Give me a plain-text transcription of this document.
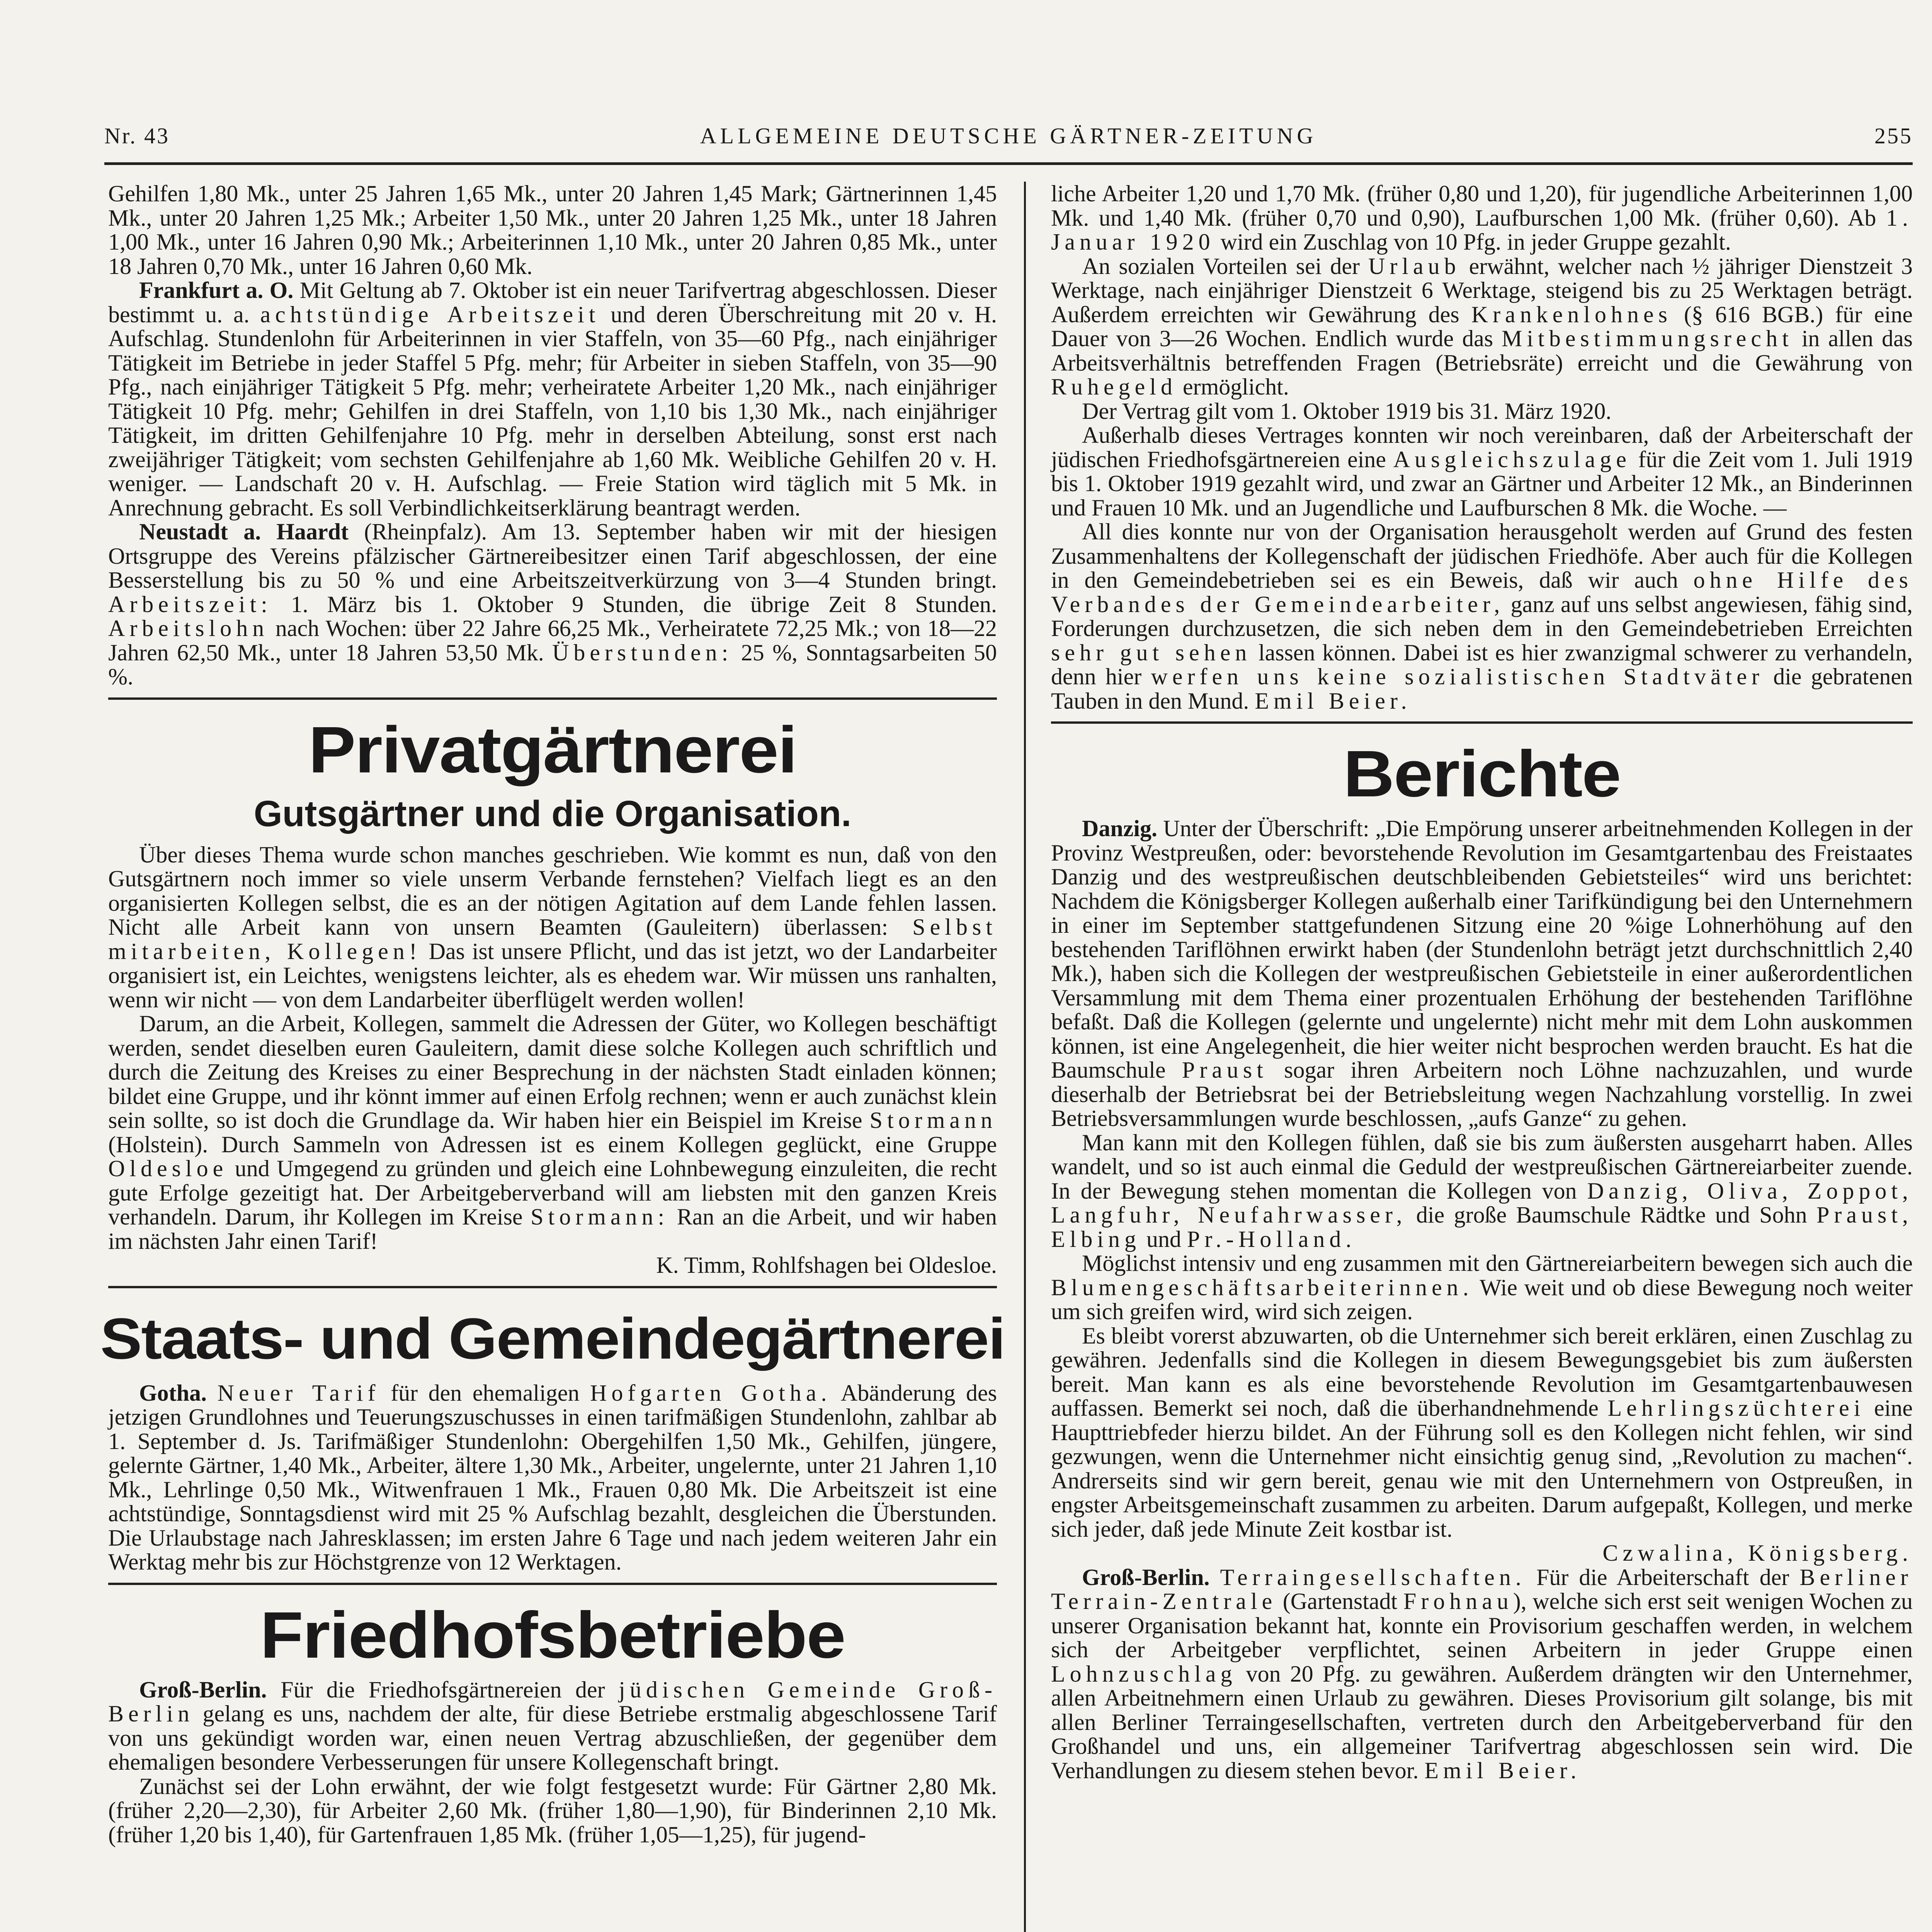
Nr. 43	ALLGEMEINE DEUTSCHE GÄRTNER-ZEITUNG	255

Gehilfen 1,80 Mk., unter 25 Jahren 1,65 Mk., unter 20 Jahren 1,45 Mark; Gärtnerinnen 1,45 Mk., unter 20 Jahren 1,25 Mk.; Arbeiter 1,50 Mk., unter 20 Jahren 1,25 Mk., unter 18 Jahren 1,00 Mk., unter 16 Jahren 0,90 Mk.; Arbeiterinnen 1,10 Mk., unter 20 Jahren 0,85 Mk., unter 18 Jahren 0,70 Mk., unter 16 Jahren 0,60 Mk.

Frankfurt a. O. Mit Geltung ab 7. Oktober ist ein neuer Tarifvertrag abgeschlossen. Dieser bestimmt u. a. achtstündige Arbeitszeit und deren Überschreitung mit 20 v. H. Aufschlag. Stundenlohn für Arbeiterinnen in vier Staffeln, von 35—60 Pfg., nach einjähriger Tätigkeit im Betriebe in jeder Staffel 5 Pfg. mehr; für Arbeiter in sieben Staffeln, von 35—90 Pfg., nach einjähriger Tätigkeit 5 Pfg. mehr; verheiratete Arbeiter 1,20 Mk., nach einjähriger Tätigkeit 10 Pfg. mehr; Gehilfen in drei Staffeln, von 1,10 bis 1,30 Mk., nach einjähriger Tätigkeit, im dritten Gehilfenjahre 10 Pfg. mehr in derselben Abteilung, sonst erst nach zweijähriger Tätigkeit; vom sechsten Gehilfenjahre ab 1,60 Mk. Weibliche Gehilfen 20 v. H. weniger. — Landschaft 20 v. H. Aufschlag. — Freie Station wird täglich mit 5 Mk. in Anrechnung gebracht. Es soll Verbindlichkeitserklärung beantragt werden.

Neustadt a. Haardt (Rheinpfalz). Am 13. September haben wir mit der hiesigen Ortsgruppe des Vereins pfälzischer Gärtnereibesitzer einen Tarif abgeschlossen, der eine Besserstellung bis zu 50 % und eine Arbeitszeitverkürzung von 3—4 Stunden bringt. Arbeitszeit: 1. März bis 1. Oktober 9 Stunden, die übrige Zeit 8 Stunden. Arbeitslohn nach Wochen: über 22 Jahre 66,25 Mk., Verheiratete 72,25 Mk.; von 18—22 Jahren 62,50 Mk., unter 18 Jahren 53,50 Mk. Überstunden: 25 %, Sonntagsarbeiten 50 %.

Privatgärtnerei
Gutsgärtner und die Organisation.

Über dieses Thema wurde schon manches geschrieben. Wie kommt es nun, daß von den Gutsgärtnern noch immer so viele unserm Verbande fernstehen? Vielfach liegt es an den organisierten Kollegen selbst, die es an der nötigen Agitation auf dem Lande fehlen lassen. Nicht alle Arbeit kann von unsern Beamten (Gauleitern) überlassen: Selbst mitarbeiten, Kollegen! Das ist unsere Pflicht, und das ist jetzt, wo der Landarbeiter organisiert ist, ein Leichtes, wenigstens leichter, als es ehedem war. Wir müssen uns ranhalten, wenn wir nicht — von dem Landarbeiter überflügelt werden wollen!

Darum, an die Arbeit, Kollegen, sammelt die Adressen der Güter, wo Kollegen beschäftigt werden, sendet dieselben euren Gauleitern, damit diese solche Kollegen auch schriftlich und durch die Zeitung des Kreises zu einer Besprechung in der nächsten Stadt einladen können; bildet eine Gruppe, und ihr könnt immer auf einen Erfolg rechnen; wenn er auch zunächst klein sein sollte, so ist doch die Grundlage da. Wir haben hier ein Beispiel im Kreise Stormann (Holstein). Durch Sammeln von Adressen ist es einem Kollegen geglückt, eine Gruppe Oldesloe und Umgegend zu gründen und gleich eine Lohnbewegung einzuleiten, die recht gute Erfolge gezeitigt hat. Der Arbeitgeberverband will am liebsten mit den ganzen Kreis verhandeln. Darum, ihr Kollegen im Kreise Stormann: Ran an die Arbeit, und wir haben im nächsten Jahr einen Tarif!

K. Timm, Rohlfshagen bei Oldesloe.

Staats- und Gemeindegärtnerei

Gotha. Neuer Tarif für den ehemaligen Hofgarten Gotha. Abänderung des jetzigen Grundlohnes und Teuerungszuschusses in einen tarifmäßigen Stundenlohn, zahlbar ab 1. September d. Js. Tarifmäßiger Stundenlohn: Obergehilfen 1,50 Mk., Gehilfen, jüngere, gelernte Gärtner, 1,40 Mk., Arbeiter, ältere 1,30 Mk., Arbeiter, ungelernte, unter 21 Jahren 1,10 Mk., Lehrlinge 0,50 Mk., Witwenfrauen 1 Mk., Frauen 0,80 Mk. Die Arbeitszeit ist eine achtstündige, Sonntagsdienst wird mit 25 % Aufschlag bezahlt, desgleichen die Überstunden. Die Urlaubstage nach Jahresklassen; im ersten Jahre 6 Tage und nach jedem weiteren Jahr ein Werktag mehr bis zur Höchstgrenze von 12 Werktagen.

Friedhofsbetriebe

Groß-Berlin. Für die Friedhofsgärtnereien der jüdischen Gemeinde Groß-Berlin gelang es uns, nachdem der alte, für diese Betriebe erstmalig abgeschlossene Tarif von uns gekündigt worden war, einen neuen Vertrag abzuschließen, der gegenüber dem ehemaligen besondere Verbesserungen für unsere Kollegenschaft bringt.

Zunächst sei der Lohn erwähnt, der wie folgt festgesetzt wurde: Für Gärtner 2,80 Mk. (früher 2,20—2,30), für Arbeiter 2,60 Mk. (früher 1,80—1,90), für Binderinnen 2,10 Mk. (früher 1,20 bis 1,40), für Gartenfrauen 1,85 Mk. (früher 1,05—1,25), für jugend-

liche Arbeiter 1,20 und 1,70 Mk. (früher 0,80 und 1,20), für jugendliche Arbeiterinnen 1,00 Mk. und 1,40 Mk. (früher 0,70 und 0,90), Laufburschen 1,00 Mk. (früher 0,60). Ab 1. Januar 1920 wird ein Zuschlag von 10 Pfg. in jeder Gruppe gezahlt.

An sozialen Vorteilen sei der Urlaub erwähnt, welcher nach ½ jähriger Dienstzeit 3 Werktage, nach einjähriger Dienstzeit 6 Werktage, steigend bis zu 25 Werktagen beträgt. Außerdem erreichten wir Gewährung des Krankenlohnes (§ 616 BGB.) für eine Dauer von 3—26 Wochen. Endlich wurde das Mitbestimmungsrecht in allen das Arbeitsverhältnis betreffenden Fragen (Betriebsräte) erreicht und die Gewährung von Ruhegeld ermöglicht.

Der Vertrag gilt vom 1. Oktober 1919 bis 31. März 1920.

Außerhalb dieses Vertrages konnten wir noch vereinbaren, daß der Arbeiterschaft der jüdischen Friedhofsgärtnereien eine Ausgleichszulage für die Zeit vom 1. Juli 1919 bis 1. Oktober 1919 gezahlt wird, und zwar an Gärtner und Arbeiter 12 Mk., an Binderinnen und Frauen 10 Mk. und an Jugendliche und Laufburschen 8 Mk. die Woche. —

All dies konnte nur von der Organisation herausgeholt werden auf Grund des festen Zusammenhaltens der Kollegenschaft der jüdischen Friedhöfe. Aber auch für die Kollegen in den Gemeindebetrieben sei es ein Beweis, daß wir auch ohne Hilfe des Verbandes der Gemeindearbeiter, ganz auf uns selbst angewiesen, fähig sind, Forderungen durchzusetzen, die sich neben dem in den Gemeindebetrieben Erreichten sehr gut sehen lassen können. Dabei ist es hier zwanzigmal schwerer zu verhandeln, denn hier werfen uns keine sozialistischen Stadtväter die gebratenen Tauben in den Mund. Emil Beier.

Berichte

Danzig. Unter der Überschrift: „Die Empörung unserer arbeitnehmenden Kollegen in der Provinz Westpreußen, oder: bevorstehende Revolution im Gesamtgartenbau des Freistaates Danzig und des westpreußischen deutschbleibenden Gebietsteiles“ wird uns berichtet: Nachdem die Königsberger Kollegen außerhalb einer Tarifkündigung bei den Unternehmern in einer im September stattgefundenen Sitzung eine 20 %ige Lohnerhöhung auf den bestehenden Tariflöhnen erwirkt haben (der Stundenlohn beträgt jetzt durchschnittlich 2,40 Mk.), haben sich die Kollegen der westpreußischen Gebietsteile in einer außerordentlichen Versammlung mit dem Thema einer prozentualen Erhöhung der bestehenden Tariflöhne befaßt. Daß die Kollegen (gelernte und ungelernte) nicht mehr mit dem Lohn auskommen können, ist eine Angelegenheit, die hier weiter nicht besprochen werden braucht. Es hat die Baumschule Praust sogar ihren Arbeitern noch Löhne nachzuzahlen, und wurde dieserhalb der Betriebsrat bei der Betriebsleitung wegen Nachzahlung vorstellig. In zwei Betriebsversammlungen wurde beschlossen, „aufs Ganze“ zu gehen.

Man kann mit den Kollegen fühlen, daß sie bis zum äußersten ausgeharrt haben. Alles wandelt, und so ist auch einmal die Geduld der westpreußischen Gärtnereiarbeiter zuende. In der Bewegung stehen momentan die Kollegen von Danzig, Oliva, Zoppot, Langfuhr, Neufahrwasser, die große Baumschule Rädtke und Sohn Praust, Elbing und Pr.-Holland.

Möglichst intensiv und eng zusammen mit den Gärtnereiarbeitern bewegen sich auch die Blumengeschäftsarbeiterinnen. Wie weit und ob diese Bewegung noch weiter um sich greifen wird, wird sich zeigen.

Es bleibt vorerst abzuwarten, ob die Unternehmer sich bereit erklären, einen Zuschlag zu gewähren. Jedenfalls sind die Kollegen in diesem Bewegungsgebiet bis zum äußersten bereit. Man kann es als eine bevorstehende Revolution im Gesamtgartenbauwesen auffassen. Bemerkt sei noch, daß die überhandnehmende Lehrlingszüchterei eine Haupttriebfeder hierzu bildet. An der Führung soll es den Kollegen nicht fehlen, wir sind gezwungen, wenn die Unternehmer nicht einsichtig genug sind, „Revolution zu machen“. Andrerseits sind wir gern bereit, genau wie mit den Unternehmern von Ostpreußen, in engster Arbeitsgemeinschaft zusammen zu arbeiten. Darum aufgepaßt, Kollegen, und merke sich jeder, daß jede Minute Zeit kostbar ist.

Czwalina, Königsberg.

Groß-Berlin. Terraingesellschaften. Für die Arbeiterschaft der Berliner Terrain-Zentrale (Gartenstadt Frohnau), welche sich erst seit wenigen Wochen zu unserer Organisation bekannt hat, konnte ein Provisorium geschaffen werden, in welchem sich der Arbeitgeber verpflichtet, seinen Arbeitern in jeder Gruppe einen Lohnzuschlag von 20 Pfg. zu gewähren. Außerdem drängten wir den Unternehmer, allen Arbeitnehmern einen Urlaub zu gewähren. Dieses Provisorium gilt solange, bis mit allen Berliner Terraingesellschaften, vertreten durch den Arbeitgeberverband für den Großhandel und uns, ein allgemeiner Tarifvertrag abgeschlossen sein wird. Die Verhandlungen zu diesem stehen bevor. Emil Beier.
